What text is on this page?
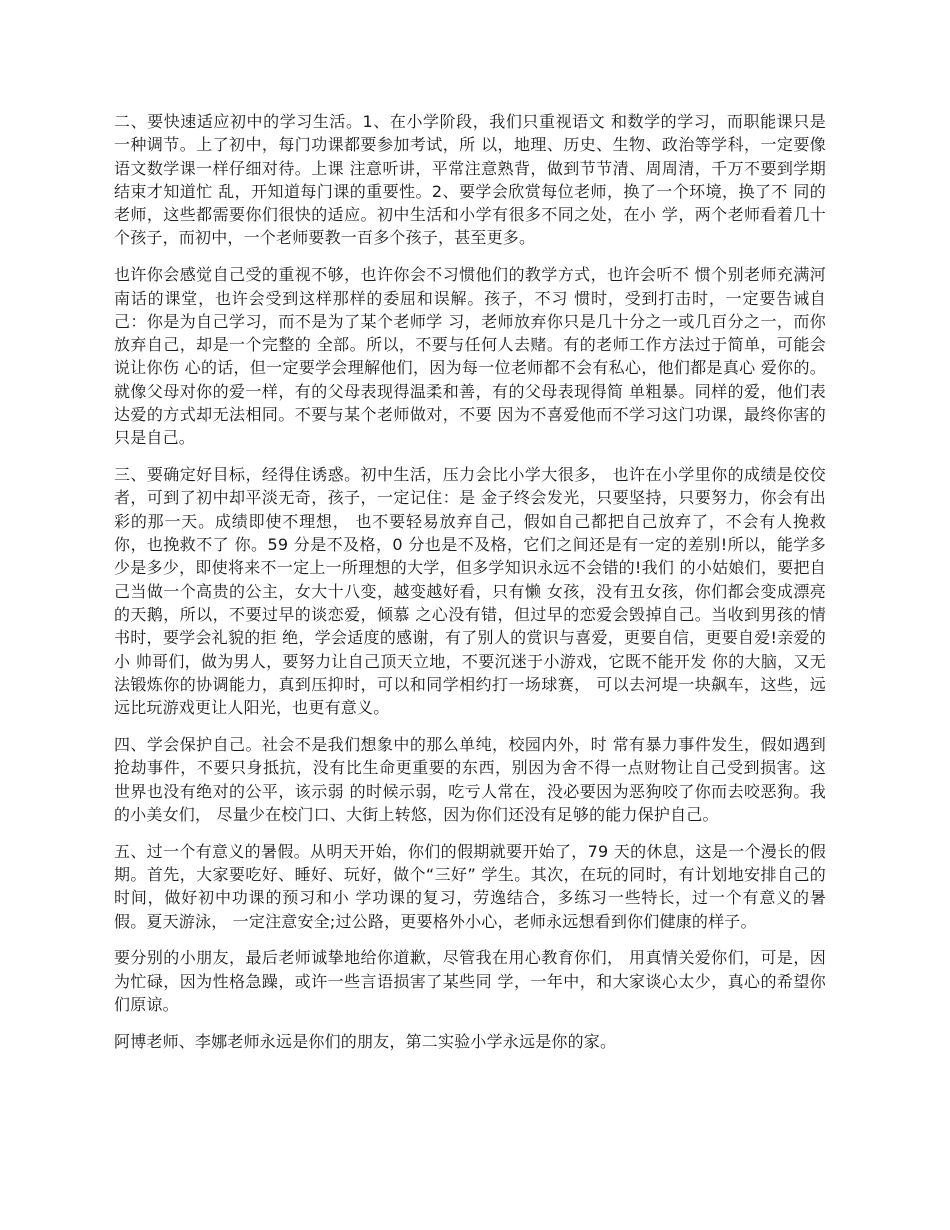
二、要快速适应初中的学习生活。1、在小学阶段，我们只重视语文 和数学的学习，而职能课只是一种调节。上了初中，每门功课都要参加考试，所 以，地理、历史、生物、政治等学科，一定要像语文数学课一样仔细对待。上课 注意听讲，平常注意熟背，做到节节清、周周清，千万不要到学期结束才知道忙 乱，开知道每门课的重要性。2、要学会欣赏每位老师，换了一个环境，换了不 同的老师，这些都需要你们很快的适应。初中生活和小学有很多不同之处，在小 学，两个老师看着几十个孩子，而初中，一个老师要教一百多个孩子，甚至更多。

也许你会感觉自己受的重视不够，也许你会不习惯他们的教学方式，也许会听不 惯个别老师充满河南话的课堂，也许会受到这样那样的委屈和误解。孩子，不习 惯时，受到打击时，一定要告诫自己：你是为自己学习，而不是为了某个老师学 习，老师放弃你只是几十分之一或几百分之一，而你放弃自己，却是一个完整的 全部。所以，不要与任何人去赌。有的老师工作方法过于简单，可能会说让你伤 心的话，但一定要学会理解他们，因为每一位老师都不会有私心，他们都是真心 爱你的。就像父母对你的爱一样，有的父母表现得温柔和善，有的父母表现得简 单粗暴。同样的爱，他们表达爱的方式却无法相同。不要与某个老师做对，不要 因为不喜爱他而不学习这门功课，最终你害的只是自己。

三、要确定好目标，经得住诱惑。初中生活，压力会比小学大很多， 也许在小学里你的成绩是佼佼者，可到了初中却平淡无奇，孩子，一定记住：是 金子终会发光，只要坚持，只要努力，你会有出彩的那一天。成绩即使不理想， 也不要轻易放弃自己，假如自己都把自己放弃了，不会有人挽救你，也挽救不了 你。59 分是不及格，0 分也是不及格，它们之间还是有一定的差别!所以，能学多 少是多少，即使将来不一定上一所理想的大学，但多学知识永远不会错的!我们 的小姑娘们，要把自己当做一个高贵的公主，女大十八变，越变越好看，只有懒 女孩，没有丑女孩，你们都会变成漂亮的天鹅，所以，不要过早的谈恋爱，倾慕 之心没有错，但过早的恋爱会毁掉自己。当收到男孩的情书时，要学会礼貌的拒 绝，学会适度的感谢，有了别人的赏识与喜爱，更要自信，更要自爱!亲爱的小 帅哥们，做为男人，要努力让自己顶天立地，不要沉迷于小游戏，它既不能开发 你的大脑，又无法锻炼你的协调能力，真到压抑时，可以和同学相约打一场球赛， 可以去河堤一块飙车，这些，远远比玩游戏更让人阳光，也更有意义。

四、学会保护自己。社会不是我们想象中的那么单纯，校园内外，时 常有暴力事件发生，假如遇到抢劫事件，不要只身抵抗，没有比生命更重要的东西，别因为舍不得一点财物让自己受到损害。这世界也没有绝对的公平，该示弱 的时候示弱，吃亏人常在，没必要因为恶狗咬了你而去咬恶狗。我的小美女们， 尽量少在校门口、大街上转悠，因为你们还没有足够的能力保护自己。

五、过一个有意义的暑假。从明天开始，你们的假期就要开始了，79 天的休息，这是一个漫长的假期。首先，大家要吃好、睡好、玩好，做个“三好” 学生。其次，在玩的同时，有计划地安排自己的时间，做好初中功课的预习和小 学功课的复习，劳逸结合，多练习一些特长，过一个有意义的暑假。夏天游泳， 一定注意安全;过公路，更要格外小心，老师永远想看到你们健康的样子。

要分别的小朋友，最后老师诚挚地给你道歉，尽管我在用心教育你们， 用真情关爱你们，可是，因为忙碌，因为性格急躁，或许一些言语损害了某些同 学，一年中，和大家谈心太少，真心的希望你们原谅。

阿博老师、李娜老师永远是你们的朋友，第二实验小学永远是你的家。
